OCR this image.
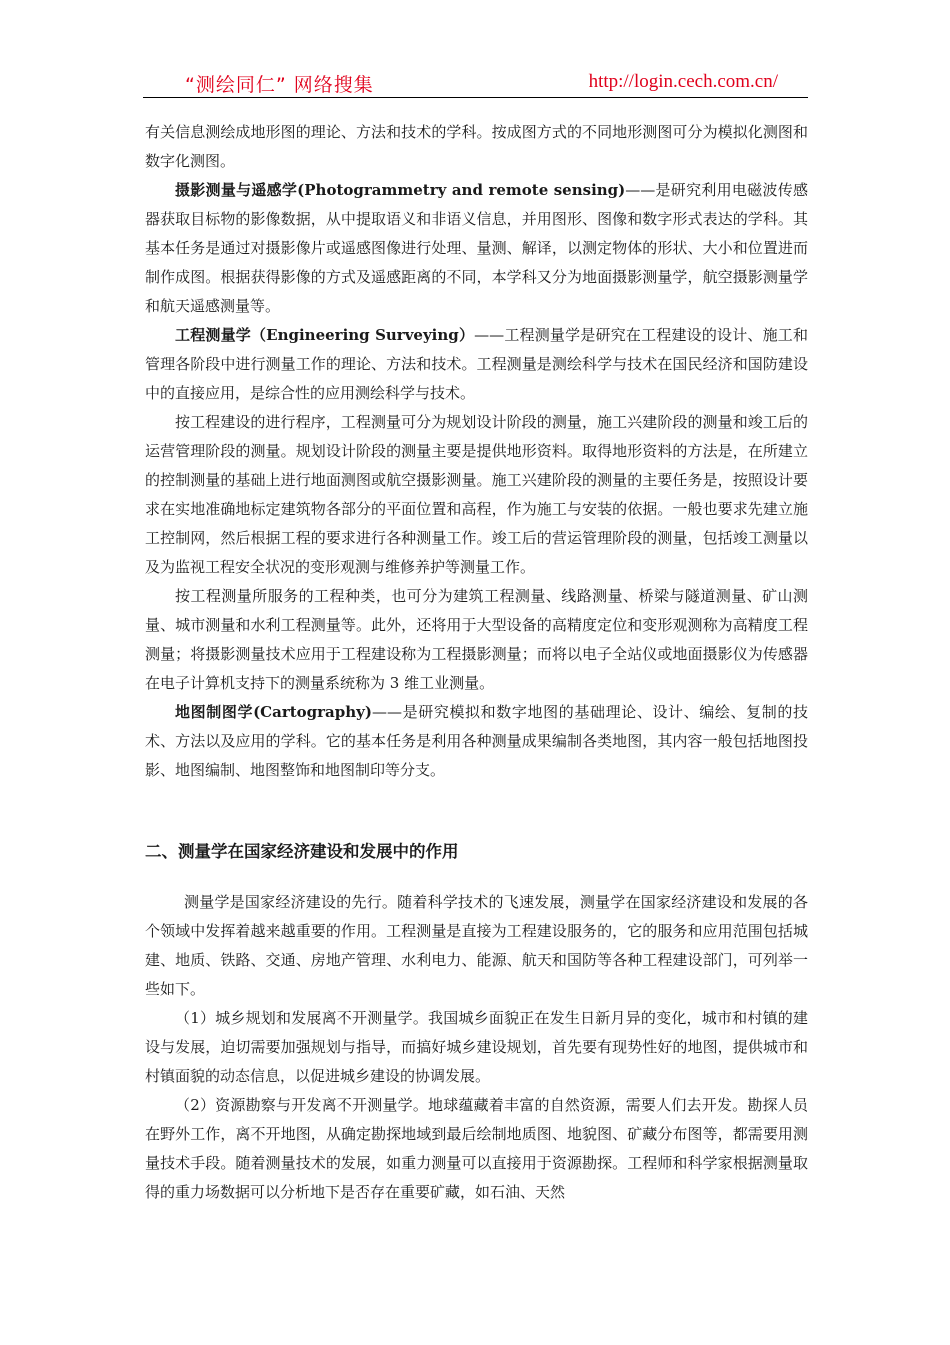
“测绘同仁” 网络搜集	http://login.cech.com.cn/

有关信息测绘成地形图的理论、方法和技术的学科。按成图方式的不同地形测图可分为模拟化测图和数字化测图。

摄影测量与遥感学(Photogrammetry and remote sensing)——是研究利用电磁波传感器获取目标物的影像数据，从中提取语义和非语义信息，并用图形、图像和数字形式表达的学科。其基本任务是通过对摄影像片或遥感图像进行处理、量测、解译，以测定物体的形状、大小和位置进而制作成图。根据获得影像的方式及遥感距离的不同，本学科又分为地面摄影测量学，航空摄影测量学和航天遥感测量等。

工程测量学（Engineering Surveying）——工程测量学是研究在工程建设的设计、施工和管理各阶段中进行测量工作的理论、方法和技术。工程测量是测绘科学与技术在国民经济和国防建设中的直接应用，是综合性的应用测绘科学与技术。

按工程建设的进行程序，工程测量可分为规划设计阶段的测量，施工兴建阶段的测量和竣工后的运营管理阶段的测量。规划设计阶段的测量主要是提供地形资料。取得地形资料的方法是，在所建立的控制测量的基础上进行地面测图或航空摄影测量。施工兴建阶段的测量的主要任务是，按照设计要求在实地准确地标定建筑物各部分的平面位置和高程，作为施工与安装的依据。一般也要求先建立施工控制网，然后根据工程的要求进行各种测量工作。竣工后的营运管理阶段的测量，包括竣工测量以及为监视工程安全状况的变形观测与维修养护等测量工作。

按工程测量所服务的工程种类，也可分为建筑工程测量、线路测量、桥梁与隧道测量、矿山测量、城市测量和水利工程测量等。此外，还将用于大型设备的高精度定位和变形观测称为高精度工程测量；将摄影测量技术应用于工程建设称为工程摄影测量；而将以电子全站仪或地面摄影仪为传感器在电子计算机支持下的测量系统称为 3 维工业测量。

地图制图学(Cartography)——是研究模拟和数字地图的基础理论、设计、编绘、复制的技术、方法以及应用的学科。它的基本任务是利用各种测量成果编制各类地图，其内容一般包括地图投影、地图编制、地图整饰和地图制印等分支。

二、测量学在国家经济建设和发展中的作用

测量学是国家经济建设的先行。随着科学技术的飞速发展，测量学在国家经济建设和发展的各个领域中发挥着越来越重要的作用。工程测量是直接为工程建设服务的，它的服务和应用范围包括城建、地质、铁路、交通、房地产管理、水利电力、能源、航天和国防等各种工程建设部门，可列举一些如下。

（1）城乡规划和发展离不开测量学。我国城乡面貌正在发生日新月异的变化，城市和村镇的建设与发展，迫切需要加强规划与指导，而搞好城乡建设规划，首先要有现势性好的地图，提供城市和村镇面貌的动态信息，以促进城乡建设的协调发展。

（2）资源勘察与开发离不开测量学。地球蕴藏着丰富的自然资源，需要人们去开发。勘探人员在野外工作，离不开地图，从确定勘探地域到最后绘制地质图、地貌图、矿藏分布图等，都需要用测量技术手段。随着测量技术的发展，如重力测量可以直接用于资源勘探。工程师和科学家根据测量取得的重力场数据可以分析地下是否存在重要矿藏，如石油、天然
